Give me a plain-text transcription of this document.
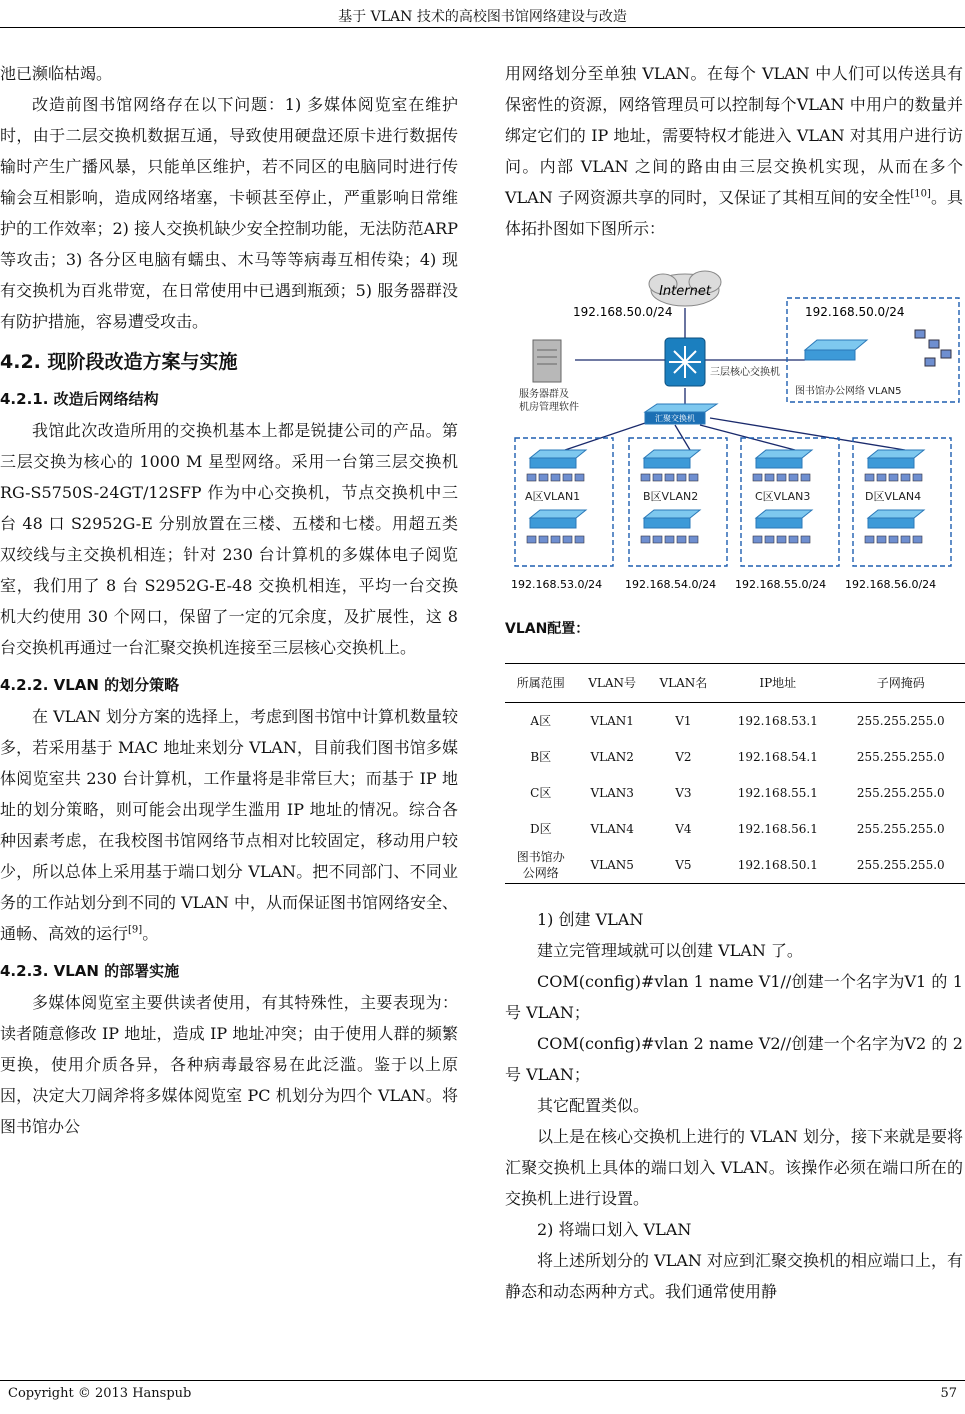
基于 VLAN 技术的高校图书馆网络建设与改造

池已濒临枯竭。

改造前图书馆网络存在以下问题：1) 多媒体阅览室在维护时，由于二层交换机数据互通，导致使用硬盘还原卡进行数据传输时产生广播风暴，只能单区维护，若不同区的电脑同时进行传输会互相影响，造成网络堵塞，卡顿甚至停止，严重影响日常维护的工作效率；2) 接人交换机缺少安全控制功能，无法防范ARP 等攻击；3) 各分区电脑有蠕虫、木马等等病毒互相传染；4) 现有交换机为百兆带宽，在日常使用中已遇到瓶颈；5) 服务器群没有防护措施，容易遭受攻击。

4.2. 现阶段改造方案与实施
4.2.1. 改造后网络结构

我馆此次改造所用的交换机基本上都是锐捷公司的产品。第三层交换为核心的 1000 M 星型网络。采用一台第三层交换机 RG-S5750S-24GT/12SFP 作为中心交换机，节点交换机中三台 48 口 S2952G-E 分别放置在三楼、五楼和七楼。用超五类双绞线与主交换机相连；针对 230 台计算机的多媒体电子阅览室，我们用了 8 台 S2952G-E-48 交换机相连，平均一台交换机大约使用 30 个网口，保留了一定的冗余度，及扩展性，这 8 台交换机再通过一台汇聚交换机连接至三层核心交换机上。

4.2.2. VLAN 的划分策略

在 VLAN 划分方案的选择上，考虑到图书馆中计算机数量较多，若采用基于 MAC 地址来划分 VLAN，目前我们图书馆多媒体阅览室共 230 台计算机，工作量将是非常巨大；而基于 IP 地址的划分策略，则可能会出现学生滥用 IP 地址的情况。综合各种因素考虑，在我校图书馆网络节点相对比较固定，移动用户较少，所以总体上采用基于端口划分 VLAN。把不同部门、不同业务的工作站划分到不同的 VLAN 中，从而保证图书馆网络安全、通畅、高效的运行[9]。

4.2.3. VLAN 的部署实施

多媒体阅览室主要供读者使用，有其特殊性，主要表现为：读者随意修改 IP 地址，造成 IP 地址冲突；由于使用人群的频繁更换，使用介质各异，各种病毒最容易在此泛滥。鉴于以上原因，决定大刀阔斧将多媒体阅览室 PC 机划分为四个 VLAN。将图书馆办公

用网络划分至单独 VLAN。在每个 VLAN 中人们可以传送具有保密性的资源，网络管理员可以控制每个VLAN 中用户的数量并绑定它们的 IP 地址，需要特权才能进入 VLAN 对其用户进行访问。内部 VLAN 之间的路由由三层交换机实现，从而在多个 VLAN 子网资源共享的同时，又保证了其相互间的安全性[10]。具体拓扑图如下图所示：

Internet
三层核心交换机
服务器群及
机房管理软件
192.168.50.0/24	192.168.50.0/24
图书馆办公网络 VLAN5
汇聚交换机
A区VLAN1	B区VLAN2	C区VLAN3	D区VLAN4
192.168.53.0/24 192.168.54.0/24 192.168.55.0/24 192.168.56.0/24
VLAN配置：
所属范围	VLAN号	VLAN名	IP地址	子网掩码
A区	VLAN1	V1	192.168.53.1	255.255.255.0
B区	VLAN2	V2	192.168.54.1	255.255.255.0
C区	VLAN3	V3	192.168.55.1	255.255.255.0
D区	VLAN4	V4	192.168.56.1	255.255.255.0
图书馆办
公网络	VLAN5	V5	192.168.50.1	255.255.255.0

1) 创建 VLAN

建立完管理域就可以创建 VLAN 了。

COM(config)#vlan 1 name V1//创建一个名字为V1 的 1 号 VLAN；

COM(config)#vlan 2 name V2//创建一个名字为V2 的 2 号 VLAN；

其它配置类似。

以上是在核心交换机上进行的 VLAN 划分，接下来就是要将汇聚交换机上具体的端口划入 VLAN。该操作必须在端口所在的交换机上进行设置。

2) 将端口划入 VLAN

将上述所划分的 VLAN 对应到汇聚交换机的相应端口上，有静态和动态两种方式。我们通常使用静

Copyright © 2013 Hanspub	57
